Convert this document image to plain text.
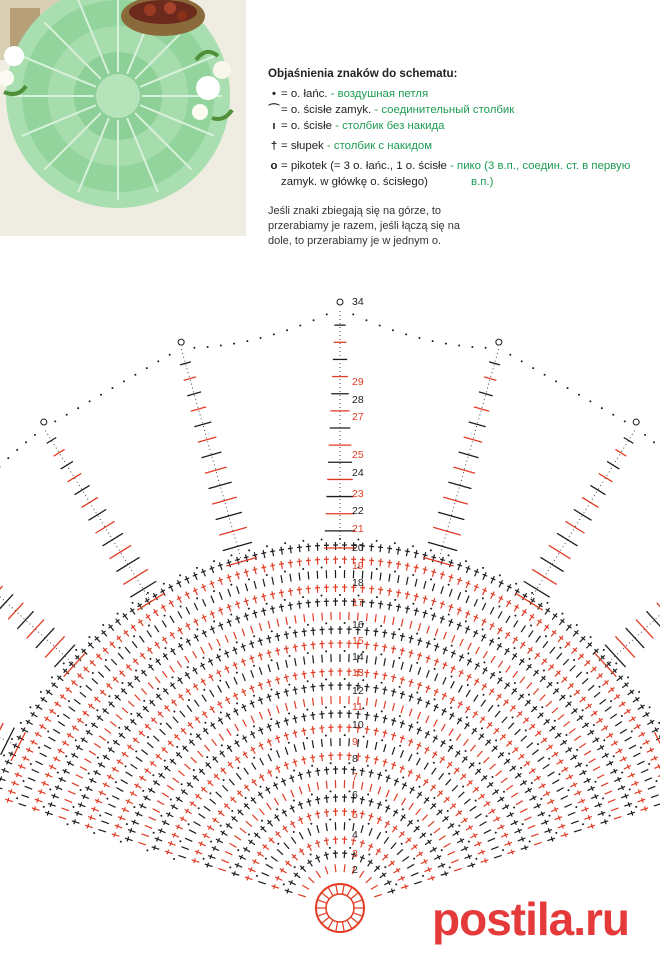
Objaśnienia znaków do schematu:
• = o. łańc. - воздушная петля
⌒ = o. ścisłe zamyk. - соединительный столбик
ı = o. ścisłe - столбик без накида
† = słupek - столбик с накидом
o = pikotek (= 3 o. łańc., 1 o. ścisłe - пико (3 в.п., соедин. ст. в первую
zamyk. w główkę o. ścisłego)	в.п.)
Jeśli znaki zbiegają się na górze, to przerabiamy je razem, jeśli łączą się na dole, to przerabiamy je w jednym o.
2
3
4
5
6
7
8
9
10
11
12
13
14
15
16
17
18
19
20
21
22
23
24
25
27
28
29
34
postila.ru
